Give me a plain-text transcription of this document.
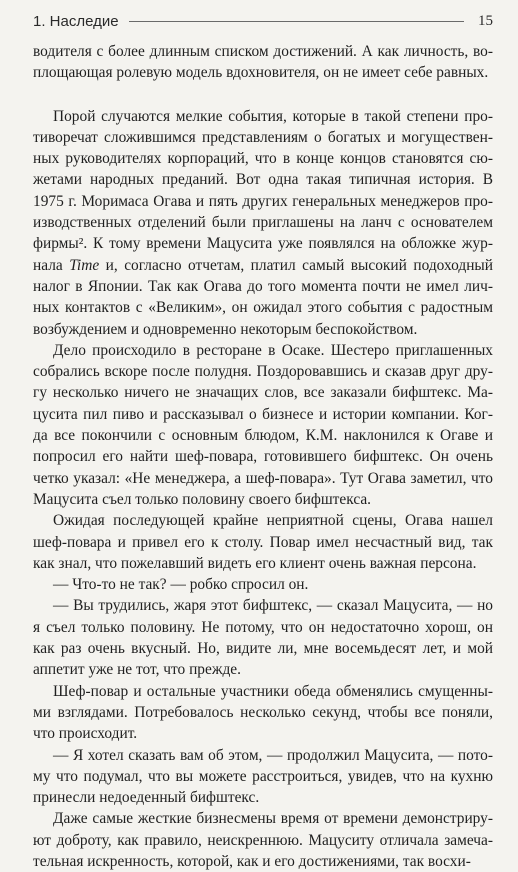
1. Наследие	15
водителя с более длинным списком достижений. А как личность, во-
площающая ролевую модель вдохновителя, он не имеет себе равных.
Порой случаются мелкие события, которые в такой степени про-
тиворечат сложившимся представлениям о богатых и могуществен-
ных руководителях корпораций, что в конце концов становятся сю-
жетами народных преданий. Вот одна такая типичная история. В
1975 г. Моримаса Огава и пять других генеральных менеджеров про-
изводственных отделений были приглашены на ланч с основателем
фирмы². К тому времени Мацусита уже появлялся на обложке жур-
нала Time и, согласно отчетам, платил самый высокий подоходный
налог в Японии. Так как Огава до того момента почти не имел лич-
ных контактов с «Великим», он ожидал этого события с радостным
возбуждением и одновременно некоторым беспокойством.
Дело происходило в ресторане в Осаке. Шестеро приглашенных
собрались вскоре после полудня. Поздоровавшись и сказав друг дру-
гу несколько ничего не значащих слов, все заказали бифштекс. Ма-
цусита пил пиво и рассказывал о бизнесе и истории компании. Ког-
да все покончили с основным блюдом, К.М. наклонился к Огаве и
попросил его найти шеф-повара, готовившего бифштекс. Он очень
четко указал: «Не менеджера, а шеф-повара». Тут Огава заметил, что
Мацусита съел только половину своего бифштекса.
Ожидая последующей крайне неприятной сцены, Огава нашел
шеф-повара и привел его к столу. Повар имел несчастный вид, так
как знал, что пожелавший видеть его клиент очень важная персона.
— Что-то не так? — робко спросил он.
— Вы трудились, жаря этот бифштекс, — сказал Мацусита, — но
я съел только половину. Не потому, что он недостаточно хорош, он
как раз очень вкусный. Но, видите ли, мне восемьдесят лет, и мой
аппетит уже не тот, что прежде.
Шеф-повар и остальные участники обеда обменялись смущенны-
ми взглядами. Потребовалось несколько секунд, чтобы все поняли,
что происходит.
— Я хотел сказать вам об этом, — продолжил Мацусита, — пото-
му что подумал, что вы можете расстроиться, увидев, что на кухню
принесли недоеденный бифштекс.
Даже самые жесткие бизнесмены время от времени демонстриру-
ют доброту, как правило, неискреннюю. Мацуситу отличала замеча-
тельная искренность, которой, как и его достижениями, так восхи-
